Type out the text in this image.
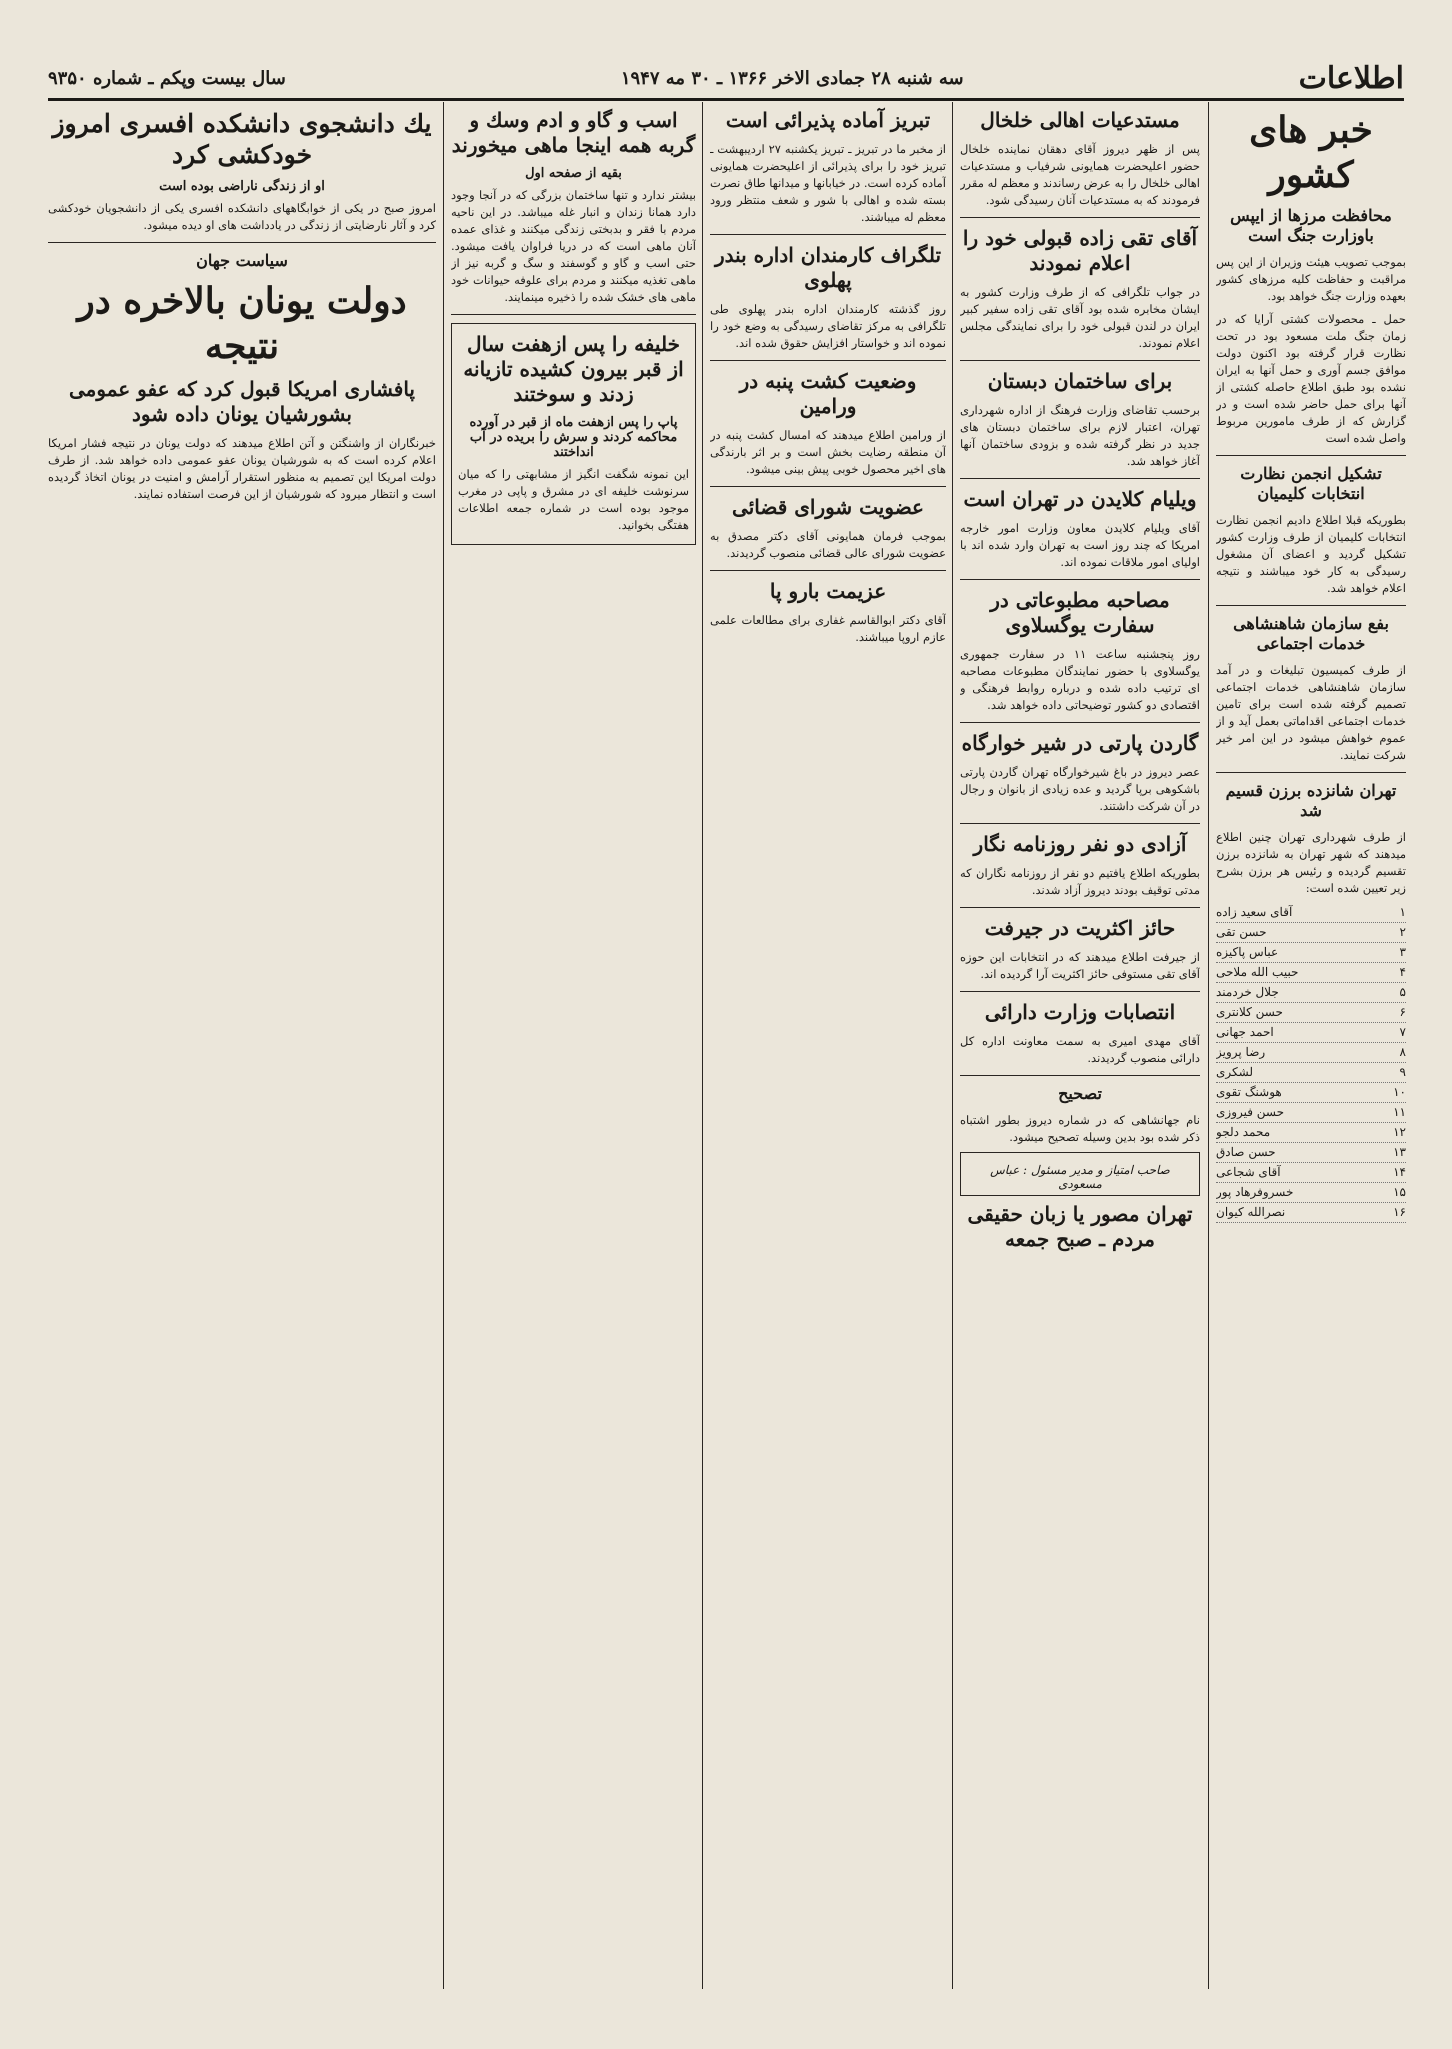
اطلاعات
سه شنبه ۲۸ جمادی الاخر ۱۳۶۶ ـ ۳۰ مه ۱۹۴۷
سال بیست وپکم ـ شماره ۹۳۵۰
خبر های کشور
محافظت مرزها از ایپس باوزارت جنگ است

بموجب تصویب هیئت وزیران از این پس مراقبت و حفاظت کلیه مرزهای کشور بعهده وزارت جنگ خواهد بود.

حمل ـ محصولات کشتی آرایا که در زمان جنگ ملت مسعود بود در تحت نظارت قرار گرفته بود اکنون دولت موافق جسم آوری و حمل آنها به ایران نشده بود طبق اطلاع حاصله کشتی از آنها برای حمل حاضر شده است و در گزارش که از طرف مامورین مربوط واصل شده است

تشکیل انجمن نظارت انتخابات کلیمیان

بطوریکه قبلا اطلاع دادیم انجمن نظارت انتخابات کلیمیان از طرف وزارت کشور تشکیل گردید و اعضای آن مشغول رسیدگی به کار خود میباشند و نتیجه اعلام خواهد شد.

بفع سازمان شاهنشاهی خدمات اجتماعی

از طرف کمیسیون تبلیغات و در آمد سازمان شاهنشاهی خدمات اجتماعی تصمیم گرفته شده است برای تامین خدمات اجتماعی اقداماتی بعمل آید و از عموم خواهش میشود در این امر خیر شرکت نمایند.

تهران شانزده برزن قسیم شد

از طرف شهرداری تهران چنین اطلاع میدهند که شهر تهران به شانزده برزن تقسیم گردیده و رئیس هر برزن بشرح زیر تعیین شده است:

۱
آقای سعید زاده
۲
حسن تقی
۳
عباس پاکیزه
۴
حبیب الله ملاحی
۵
جلال خردمند
۶
حسن کلانتری
۷
احمد جهانی
۸
رضا پرویز
۹
لشکری
۱۰
هوشنگ تقوی
۱۱
حسن فیروزی
۱۲
محمد دلجو
۱۳
حسن صادق
۱۴
آقای شجاعی
۱۵
خسروفرهاد پور
۱۶
نصرالله کیوان
مستدعیات اهالی خلخال

پس از ظهر دیروز آقای دهقان نماینده خلخال حضور اعلیحضرت همایونی شرفیاب و مستدعیات اهالی خلخال را به عرض رساندند و معظم له مقرر فرمودند که به مستدعیات آنان رسیدگی شود.

آقای تقی زاده قبولی خود را اعلام نمودند

در جواب تلگرافی که از طرف وزارت کشور به ایشان مخابره شده بود آقای تقی زاده سفیر کبیر ایران در لندن قبولی خود را برای نمایندگی مجلس اعلام نمودند.

برای ساختمان دبستان

برحسب تقاضای وزارت فرهنگ از اداره شهرداری تهران، اعتبار لازم برای ساختمان دبستان های جدید در نظر گرفته شده و بزودی ساختمان آنها آغاز خواهد شد.

ویلیام کلایدن در تهران است

آقای ویلیام کلایدن معاون وزارت امور خارجه امریکا که چند روز است به تهران وارد شده اند با اولیای امور ملاقات نموده اند.

مصاحبه مطبوعاتی در سفارت یوگسلاوی

روز پنجشنبه ساعت ۱۱ در سفارت جمهوری یوگسلاوی با حضور نمایندگان مطبوعات مصاحبه ای ترتیب داده شده و درباره روابط فرهنگی و اقتصادی دو کشور توضیحاتی داده خواهد شد.

گاردن پارتی در شیر خوارگاه

عصر دیروز در باغ شیرخوارگاه تهران گاردن پارتی باشکوهی برپا گردید و عده زیادی از بانوان و رجال در آن شرکت داشتند.

آزادی دو نفر روزنامه نگار

بطوریکه اطلاع یافتیم دو نفر از روزنامه نگاران که مدتی توقیف بودند دیروز آزاد شدند.

حائز اکثریت در جیرفت

از جیرفت اطلاع میدهند که در انتخابات این حوزه آقای تقی مستوفی حائز اکثریت آرا گردیده اند.

انتصابات وزارت دارائی

آقای مهدی امیری به سمت معاونت اداره کل دارائی منصوب گردیدند.

تصحیح

نام جهانشاهی که در شماره دیروز بطور اشتباه ذکر شده بود بدین وسیله تصحیح میشود.

صاحب امتیاز و مدیر مسئول : عباس مسعودی
تهران مصور یا زبان حقیقی مردم ـ صبح جمعه
تبریز آماده پذیرائی است

از مخبر ما در تبریز ـ تبریز یکشنبه ۲۷ اردیبهشت ـ تبریز خود را برای پذیرائی از اعلیحضرت همایونی آماده کرده است. در خیابانها و میدانها طاق نصرت بسته شده و اهالی با شور و شعف منتظر ورود معظم له میباشند.

تلگراف کارمندان اداره بندر پهلوی

روز گذشته کارمندان اداره بندر پهلوی طی تلگرافی به مرکز تقاضای رسیدگی به وضع خود را نموده اند و خواستار افزایش حقوق شده اند.

وضعیت کشت پنبه در ورامین

از ورامین اطلاع میدهند که امسال کشت پنبه در آن منطقه رضایت بخش است و بر اثر بارندگی های اخیر محصول خوبی پیش بینی میشود.

عضویت شورای قضائی

بموجب فرمان همایونی آقای دکتر مصدق به عضویت شورای عالی قضائی منصوب گردیدند.

عزیمت بارو پا

آقای دکتر ابوالقاسم غفاری برای مطالعات علمی عازم اروپا میباشند.

اسب و گاو و ادم وسك و گربه همه اینجا ماهی میخورند
بقیه از صفحه اول

بیشتر ندارد و تنها ساختمان بزرگی که در آنجا وجود دارد همانا زندان و انبار غله میباشد. در این ناحیه مردم با فقر و بدبختی زندگی میکنند و غذای عمده آنان ماهی است که در دریا فراوان یافت میشود. حتی اسب و گاو و گوسفند و سگ و گربه نیز از ماهی تغذیه میکنند و مردم برای علوفه حیوانات خود ماهی های خشک شده را ذخیره مینمایند.

خلیفه را پس ازهفت سال از قبر بیرون کشیده تازیانه زدند و سوختند
پاپ را پس ازهفت ماه از قبر در آورده محاکمه کردند و سرش را بریده در آب انداختند

این نمونه شگفت انگیز از مشابهتی را که میان سرنوشت خلیفه ای در مشرق و پاپی در مغرب موجود بوده است در شماره جمعه اطلاعات هفتگی بخوانید.

یك دانشجوی دانشکده افسری امروز خودکشی کرد
او از زندگی ناراضی بوده است

امروز صبح در یکی از خوابگاههای دانشکده افسری یکی از دانشجویان خودکشی کرد و آثار نارضایتی از زندگی در یادداشت های او دیده میشود.

سیاست جهان
دولت یونان بالاخره در نتیجه
پافشاری امریکا قبول کرد که عفو عمومی بشورشیان یونان داده شود

خبرنگاران از واشنگتن و آتن اطلاع میدهند که دولت یونان در نتیجه فشار امریکا اعلام کرده است که به شورشیان یونان عفو عمومی داده خواهد شد. از طرف دولت امریکا این تصمیم به منظور استقرار آرامش و امنیت در یونان اتخاذ گردیده است و انتظار میرود که شورشیان از این فرصت استفاده نمایند.
